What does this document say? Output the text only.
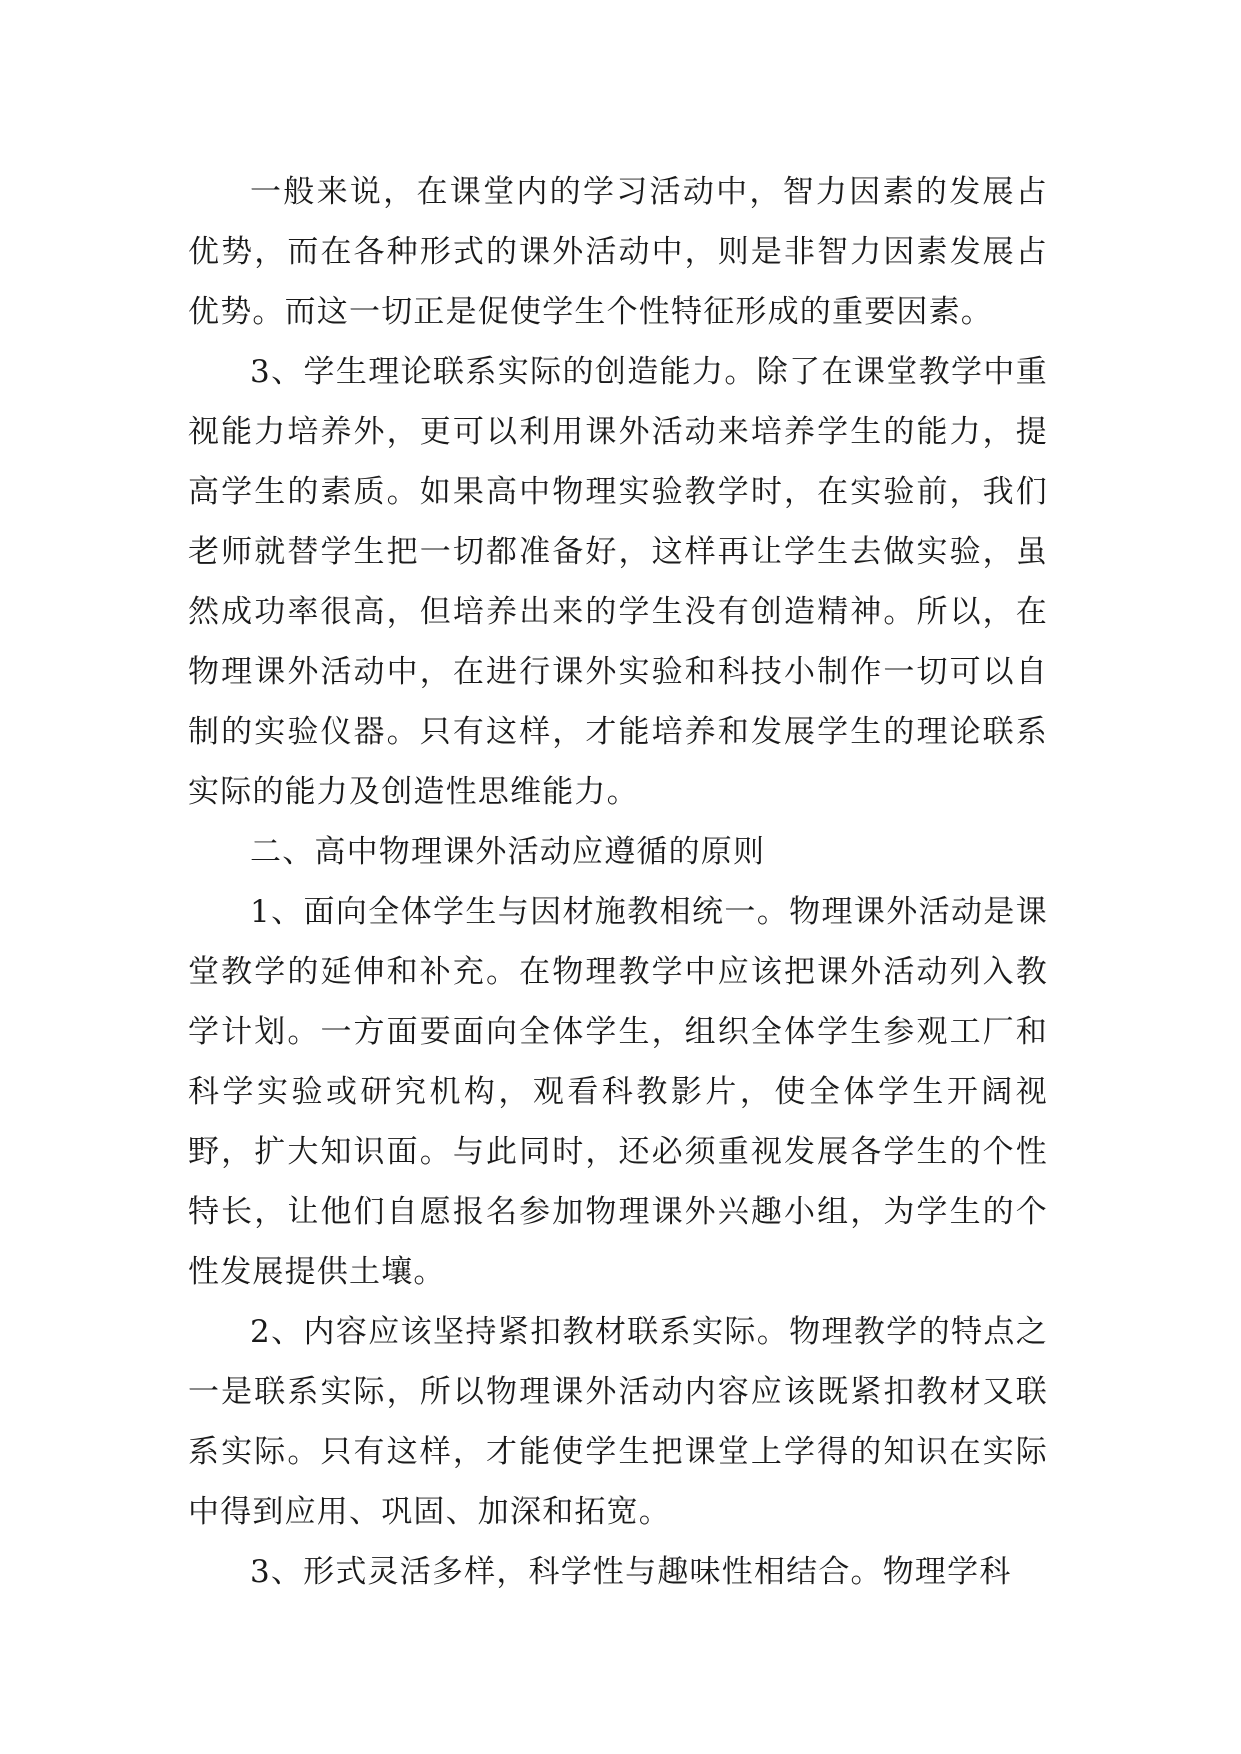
一般来说，在课堂内的学习活动中，智力因素的发展占优势，而在各种形式的课外活动中，则是非智力因素发展占优势。而这一切正是促使学生个性特征形成的重要因素。

3、学生理论联系实际的创造能力。除了在课堂教学中重视能力培养外，更可以利用课外活动来培养学生的能力，提高学生的素质。如果高中物理实验教学时，在实验前，我们老师就替学生把一切都准备好，这样再让学生去做实验，虽然成功率很高，但培养出来的学生没有创造精神。所以，在物理课外活动中，在进行课外实验和科技小制作一切可以自制的实验仪器。只有这样，才能培养和发展学生的理论联系实际的能力及创造性思维能力。

二、高中物理课外活动应遵循的原则

1、面向全体学生与因材施教相统一。物理课外活动是课堂教学的延伸和补充。在物理教学中应该把课外活动列入教学计划。一方面要面向全体学生，组织全体学生参观工厂和科学实验或研究机构，观看科教影片，使全体学生开阔视野，扩大知识面。与此同时，还必须重视发展各学生的个性特长，让他们自愿报名参加物理课外兴趣小组，为学生的个性发展提供土壤。

2、内容应该坚持紧扣教材联系实际。物理教学的特点之一是联系实际，所以物理课外活动内容应该既紧扣教材又联系实际。只有这样，才能使学生把课堂上学得的知识在实际中得到应用、巩固、加深和拓宽。

3、形式灵活多样，科学性与趣味性相结合。物理学科
